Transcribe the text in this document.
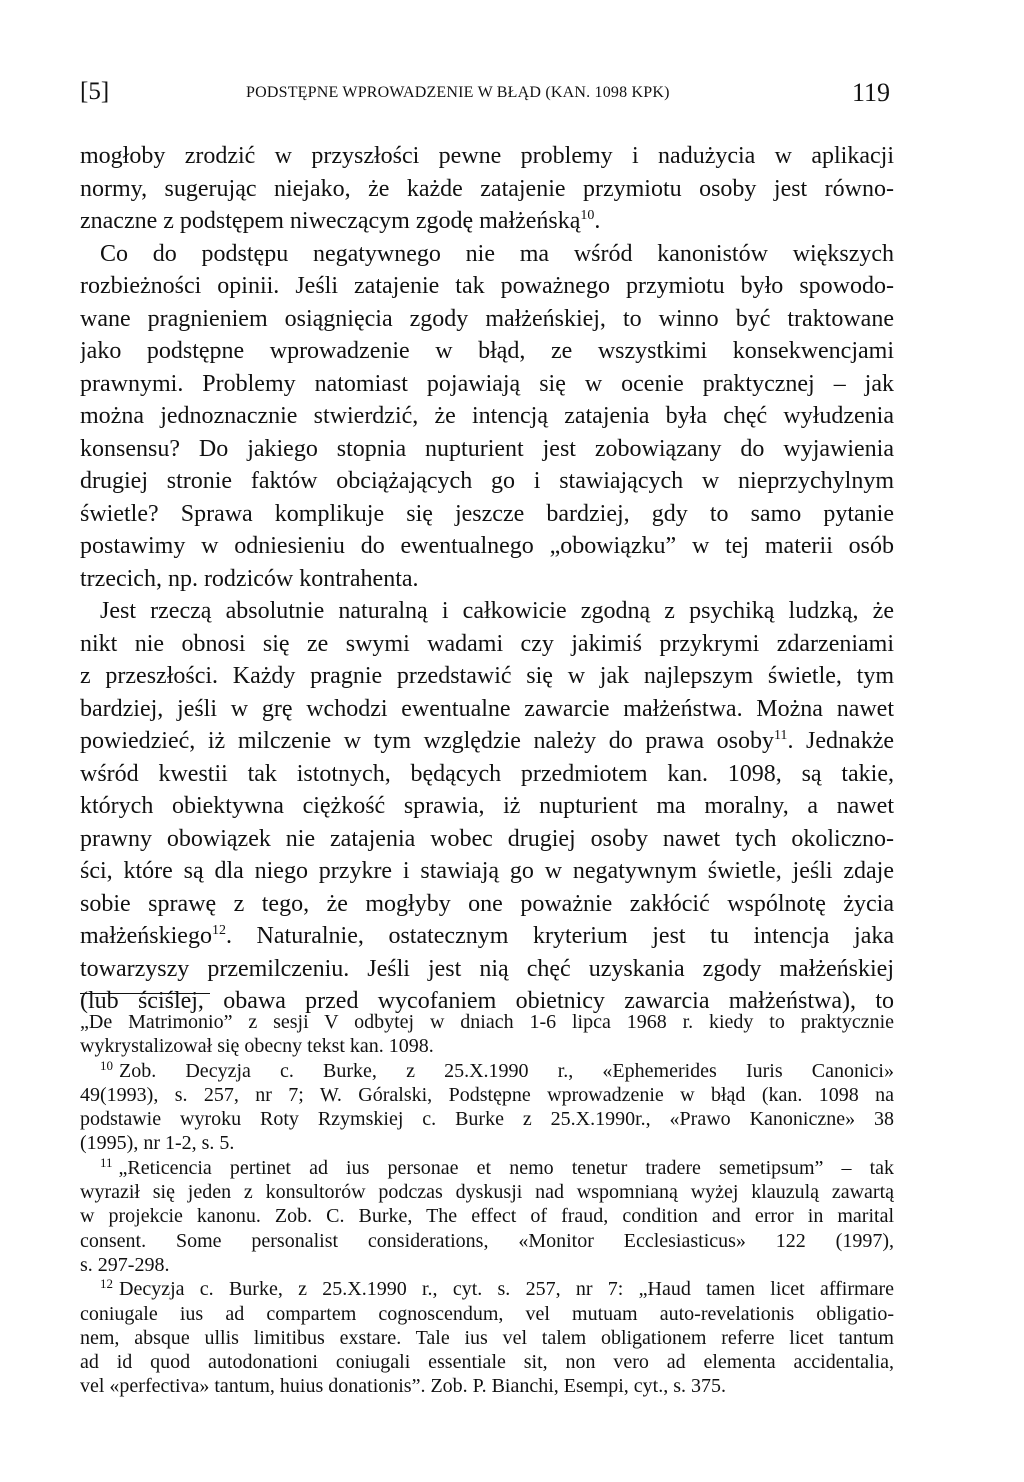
[5]	PODSTĘPNE WPROWADZENIE W BŁĄD (KAN. 1098 KPK)	119
mogłoby zrodzić w przyszłości pewne problemy i nadużycia w aplikacji
normy, sugerując niejako, że każde zatajenie przymiotu osoby jest równo-
znaczne z podstępem niweczącym zgodę małżeńską$^{10}$.
Co do podstępu negatywnego nie ma wśród kanonistów większych
rozbieżności opinii. Jeśli zatajenie tak poważnego przymiotu było spowodo-
wane pragnieniem osiągnięcia zgody małżeńskiej, to winno być traktowane
jako podstępne wprowadzenie w błąd, ze wszystkimi konsekwencjami
prawnymi. Problemy natomiast pojawiają się w ocenie praktycznej – jak
można jednoznacznie stwierdzić, że intencją zatajenia była chęć wyłudzenia
konsensu? Do jakiego stopnia nupturient jest zobowiązany do wyjawienia
drugiej stronie faktów obciążających go i stawiających w nieprzychylnym
świetle? Sprawa komplikuje się jeszcze bardziej, gdy to samo pytanie
postawimy w odniesieniu do ewentualnego „obowiązku” w tej materii osób
trzecich, np. rodziców kontrahenta.
Jest rzeczą absolutnie naturalną i całkowicie zgodną z psychiką ludzką, że
nikt nie obnosi się ze swymi wadami czy jakimiś przykrymi zdarzeniami
z przeszłości. Każdy pragnie przedstawić się w jak najlepszym świetle, tym
bardziej, jeśli w grę wchodzi ewentualne zawarcie małżeństwa. Można nawet
powiedzieć, iż milczenie w tym względzie należy do prawa osoby$^{11}$. Jednakże
wśród kwestii tak istotnych, będących przedmiotem kan. 1098, są takie,
których obiektywna ciężkość sprawia, iż nupturient ma moralny, a nawet
prawny obowiązek nie zatajenia wobec drugiej osoby nawet tych okoliczno-
ści, które są dla niego przykre i stawiają go w negatywnym świetle, jeśli zdaje
sobie sprawę z tego, że mogłyby one poważnie zakłócić wspólnotę życia
małżeńskiego$^{12}$. Naturalnie, ostatecznym kryterium jest tu intencja jaka
towarzyszy przemilczeniu. Jeśli jest nią chęć uzyskania zgody małżeńskiej
(lub ściślej, obawa przed wycofaniem obietnicy zawarcia małżeństwa), to
„De Matrimonio” z sesji V odbytej w dniach 1-6 lipca 1968 r. kiedy to praktycznie
wykrystalizował się obecny tekst kan. 1098.
$^{10}$ Zob. Decyzja c. Burke, z 25.X.1990 r., «Ephemerides Iuris Canonici»
49(1993), s. 257, nr 7; W. Góralski, Podstępne wprowadzenie w błąd (kan. 1098 na
podstawie wyroku Roty Rzymskiej c. Burke z 25.X.1990r., «Prawo Kanoniczne» 38
(1995), nr 1-2, s. 5.
$^{11}$ „Reticencia pertinet ad ius personae et nemo tenetur tradere semetipsum” – tak
wyraził się jeden z konsultorów podczas dyskusji nad wspomnianą wyżej klauzulą zawartą
w projekcie kanonu. Zob. C. Burke, The effect of fraud, condition and error in marital
consent. Some personalist considerations, «Monitor Ecclesiasticus» 122 (1997),
s. 297-298.
$^{12}$ Decyzja c. Burke, z 25.X.1990 r., cyt. s. 257, nr 7: „Haud tamen licet affirmare
coniugale ius ad compartem cognoscendum, vel mutuam auto-revelationis obligatio-
nem, absque ullis limitibus exstare. Tale ius vel talem obligationem referre licet tantum
ad id quod autodonationi coniugali essentiale sit, non vero ad elementa accidentalia,
vel «perfectiva» tantum, huius donationis”. Zob. P. Bianchi, Esempi, cyt., s. 375.
